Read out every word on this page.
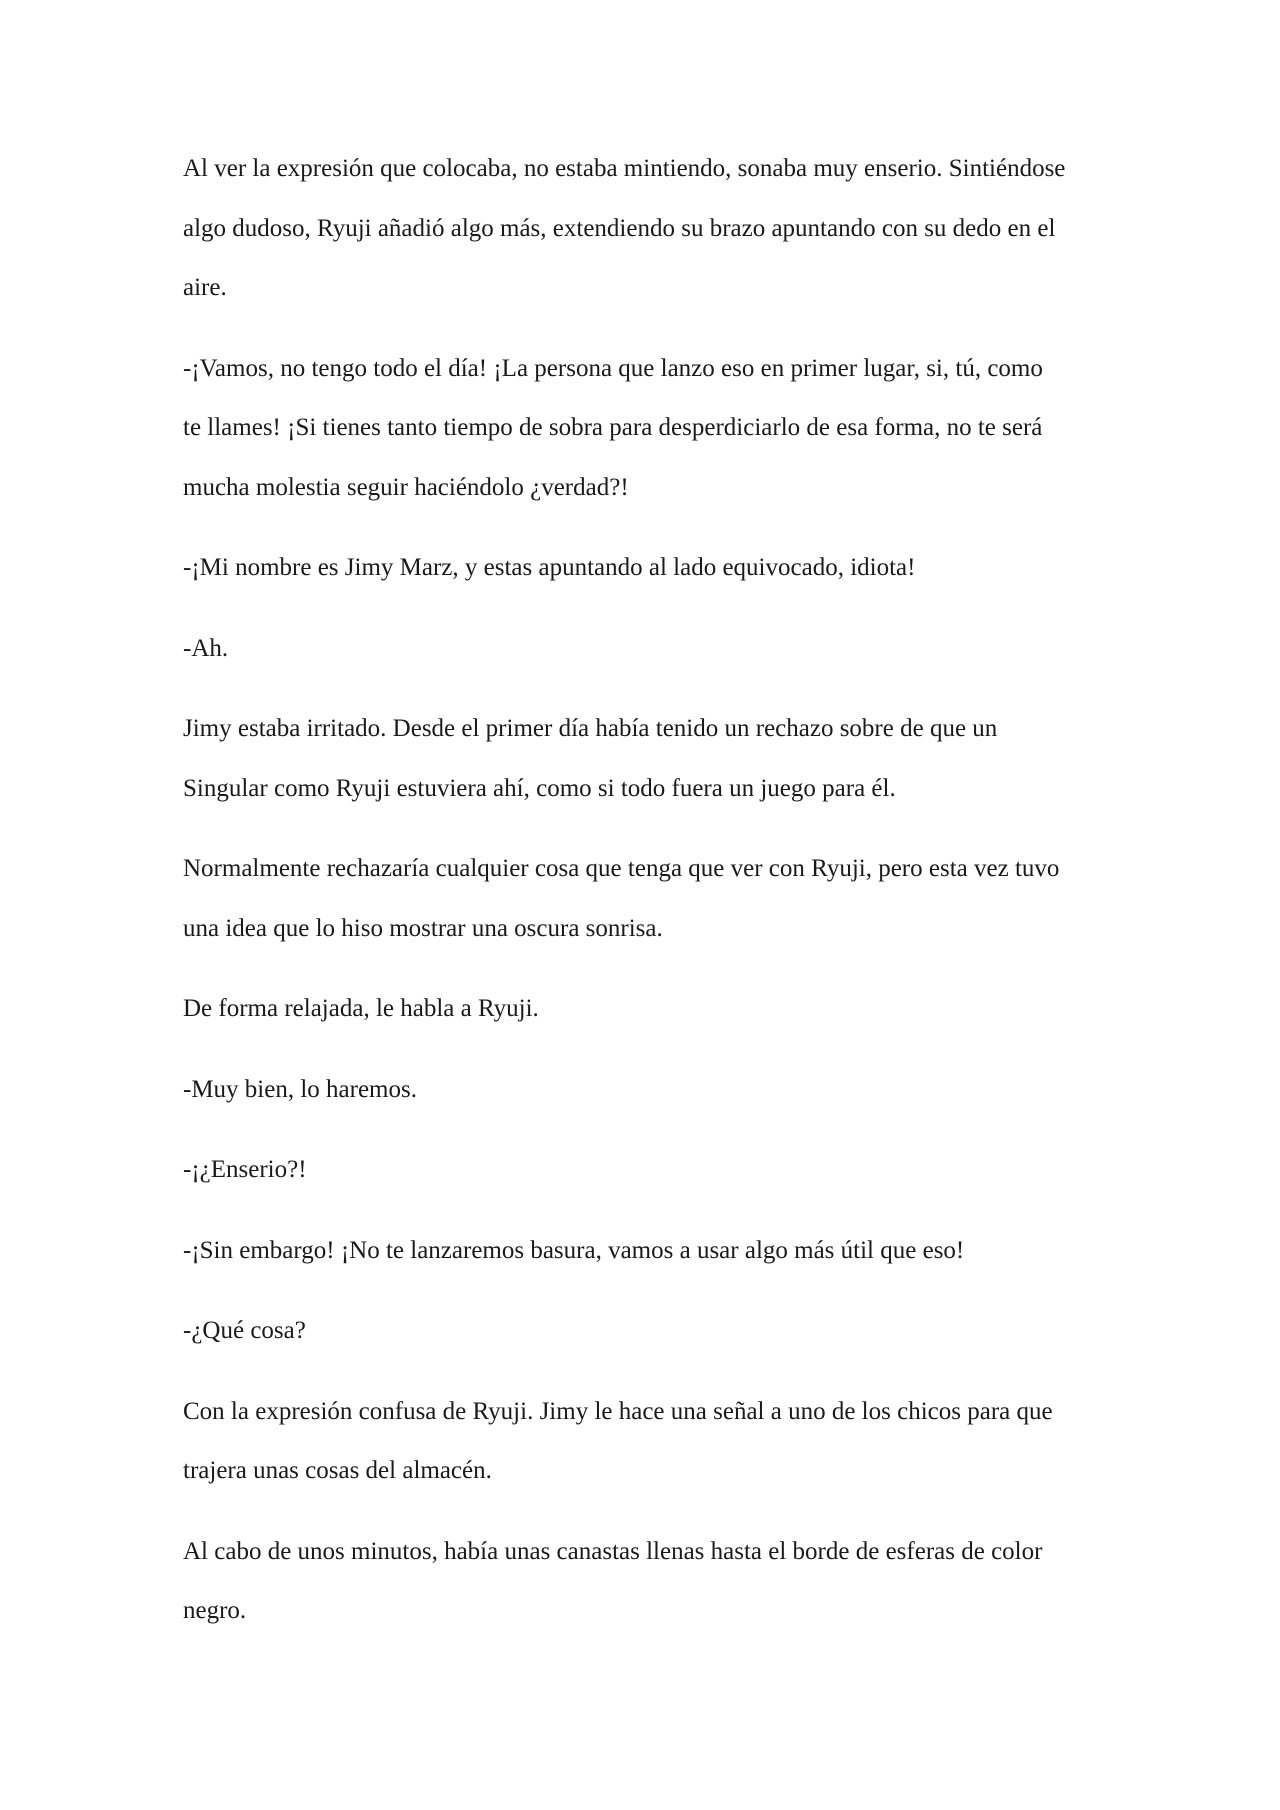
Al ver la expresión que colocaba, no estaba mintiendo, sonaba muy enserio. Sintiéndose
algo dudoso, Ryuji añadió algo más, extendiendo su brazo apuntando con su dedo en el
aire.

-¡Vamos, no tengo todo el día! ¡La persona que lanzo eso en primer lugar, si, tú, como
te llames! ¡Si tienes tanto tiempo de sobra para desperdiciarlo de esa forma, no te será
mucha molestia seguir haciéndolo ¿verdad?!

-¡Mi nombre es Jimy Marz, y estas apuntando al lado equivocado, idiota!

-Ah.

Jimy estaba irritado. Desde el primer día había tenido un rechazo sobre de que un
Singular como Ryuji estuviera ahí, como si todo fuera un juego para él.

Normalmente rechazaría cualquier cosa que tenga que ver con Ryuji, pero esta vez tuvo
una idea que lo hiso mostrar una oscura sonrisa.

De forma relajada, le habla a Ryuji.

-Muy bien, lo haremos.

-¡¿Enserio?!

-¡Sin embargo! ¡No te lanzaremos basura, vamos a usar algo más útil que eso!

-¿Qué cosa?

Con la expresión confusa de Ryuji. Jimy le hace una señal a uno de los chicos para que
trajera unas cosas del almacén.

Al cabo de unos minutos, había unas canastas llenas hasta el borde de esferas de color
negro.
